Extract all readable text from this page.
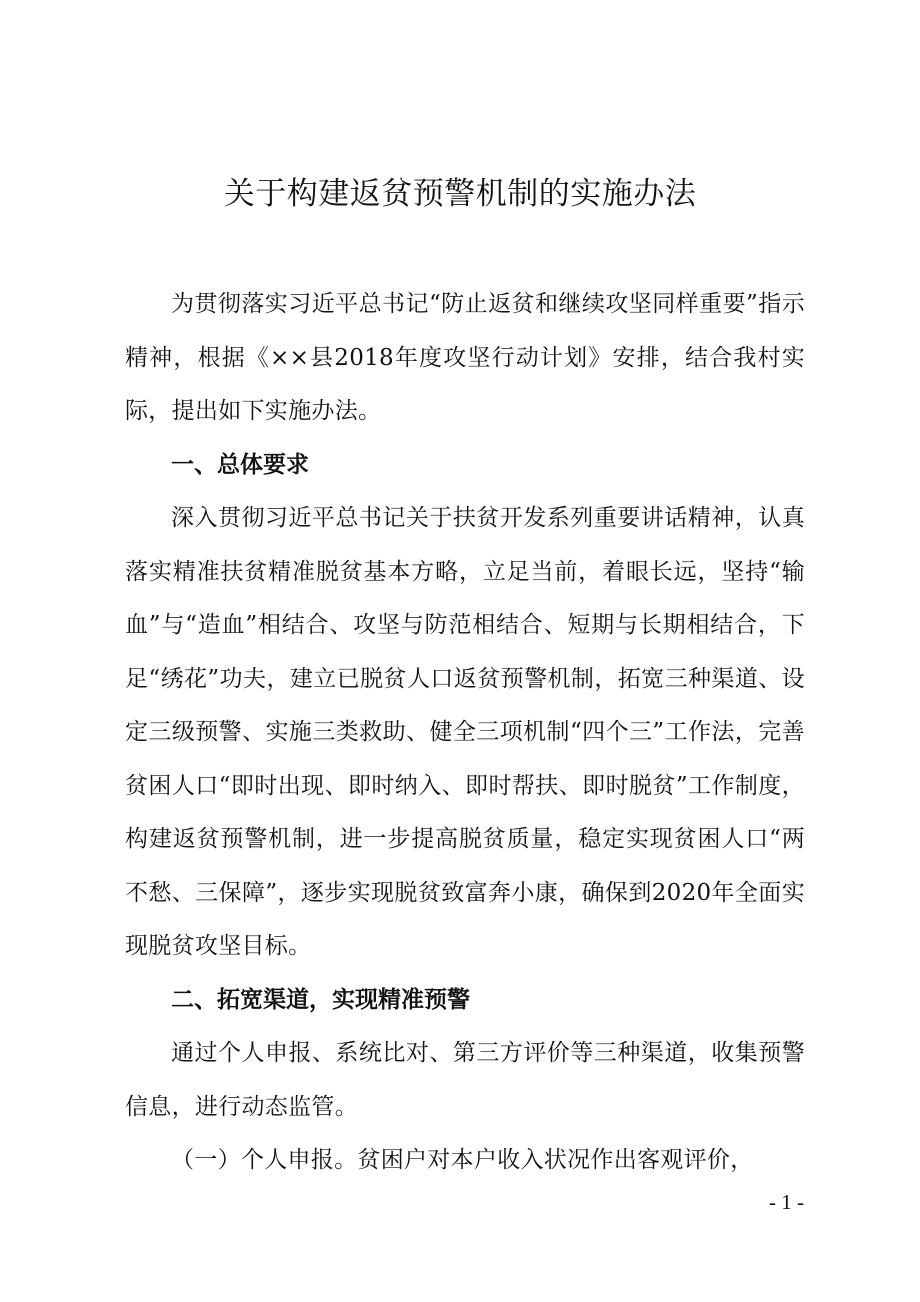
关于构建返贫预警机制的实施办法

为贯彻落实习近平总书记“防止返贫和继续攻坚同样重要”指示精神，根据《××县2018年度攻坚行动计划》安排，结合我村实际，提出如下实施办法。

一、总体要求

深入贯彻习近平总书记关于扶贫开发系列重要讲话精神，认真落实精准扶贫精准脱贫基本方略，立足当前，着眼长远，坚持“输血”与“造血”相结合、攻坚与防范相结合、短期与长期相结合，下足“绣花”功夫，建立已脱贫人口返贫预警机制，拓宽三种渠道、设定三级预警、实施三类救助、健全三项机制“四个三”工作法，完善贫困人口“即时出现、即时纳入、即时帮扶、即时脱贫”工作制度，构建返贫预警机制，进一步提高脱贫质量，稳定实现贫困人口“两不愁、三保障”，逐步实现脱贫致富奔小康，确保到2020年全面实现脱贫攻坚目标。

二、拓宽渠道，实现精准预警

通过个人申报、系统比对、第三方评价等三种渠道，收集预警信息，进行动态监管。

（一）个人申报。贫困户对本户收入状况作出客观评价，

- 1 -
